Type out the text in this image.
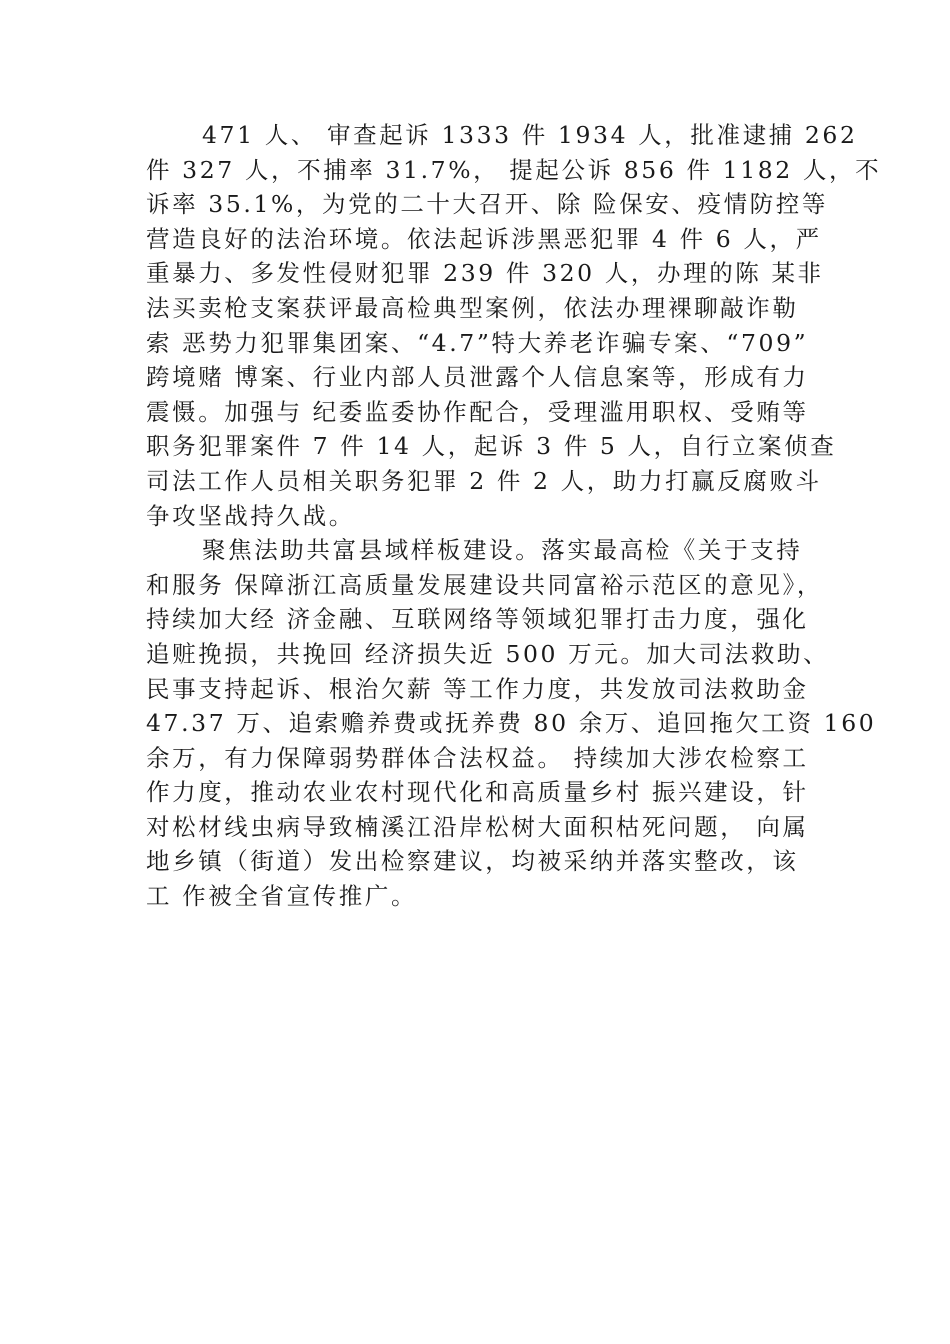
471 人、 审查起诉 1333 件 1934 人，批准逮捕 262
件 327 人，不捕率 31.7%， 提起公诉 856 件 1182 人，不
诉率 35.1%，为党的二十大召开、除 险保安、疫情防控等
营造良好的法治环境。依法起诉涉黑恶犯罪 4 件 6 人，严
重暴力、多发性侵财犯罪 239 件 320 人，办理的陈 某非
法买卖枪支案获评最高检典型案例，依法办理裸聊敲诈勒
索 恶势力犯罪集团案、“4.7”特大养老诈骗专案、“709”
跨境赌 博案、行业内部人员泄露个人信息案等，形成有力
震慑。加强与 纪委监委协作配合，受理滥用职权、受贿等
职务犯罪案件 7 件 14 人，起诉 3 件 5 人，自行立案侦查
司法工作人员相关职务犯罪 2 件 2 人，助力打赢反腐败斗
争攻坚战持久战。
聚焦法助共富县域样板建设。落实最高检《关于支持
和服务 保障浙江高质量发展建设共同富裕示范区的意见》，
持续加大经 济金融、互联网络等领域犯罪打击力度，强化
追赃挽损，共挽回 经济损失近 500 万元。加大司法救助、
民事支持起诉、根治欠薪 等工作力度，共发放司法救助金
47.37 万、追索赡养费或抚养费 80 余万、追回拖欠工资 160
余万，有力保障弱势群体合法权益。 持续加大涉农检察工
作力度，推动农业农村现代化和高质量乡村 振兴建设，针
对松材线虫病导致楠溪江沿岸松树大面积枯死问题， 向属
地乡镇（街道）发出检察建议，均被采纳并落实整改，该
工 作被全省宣传推广。
